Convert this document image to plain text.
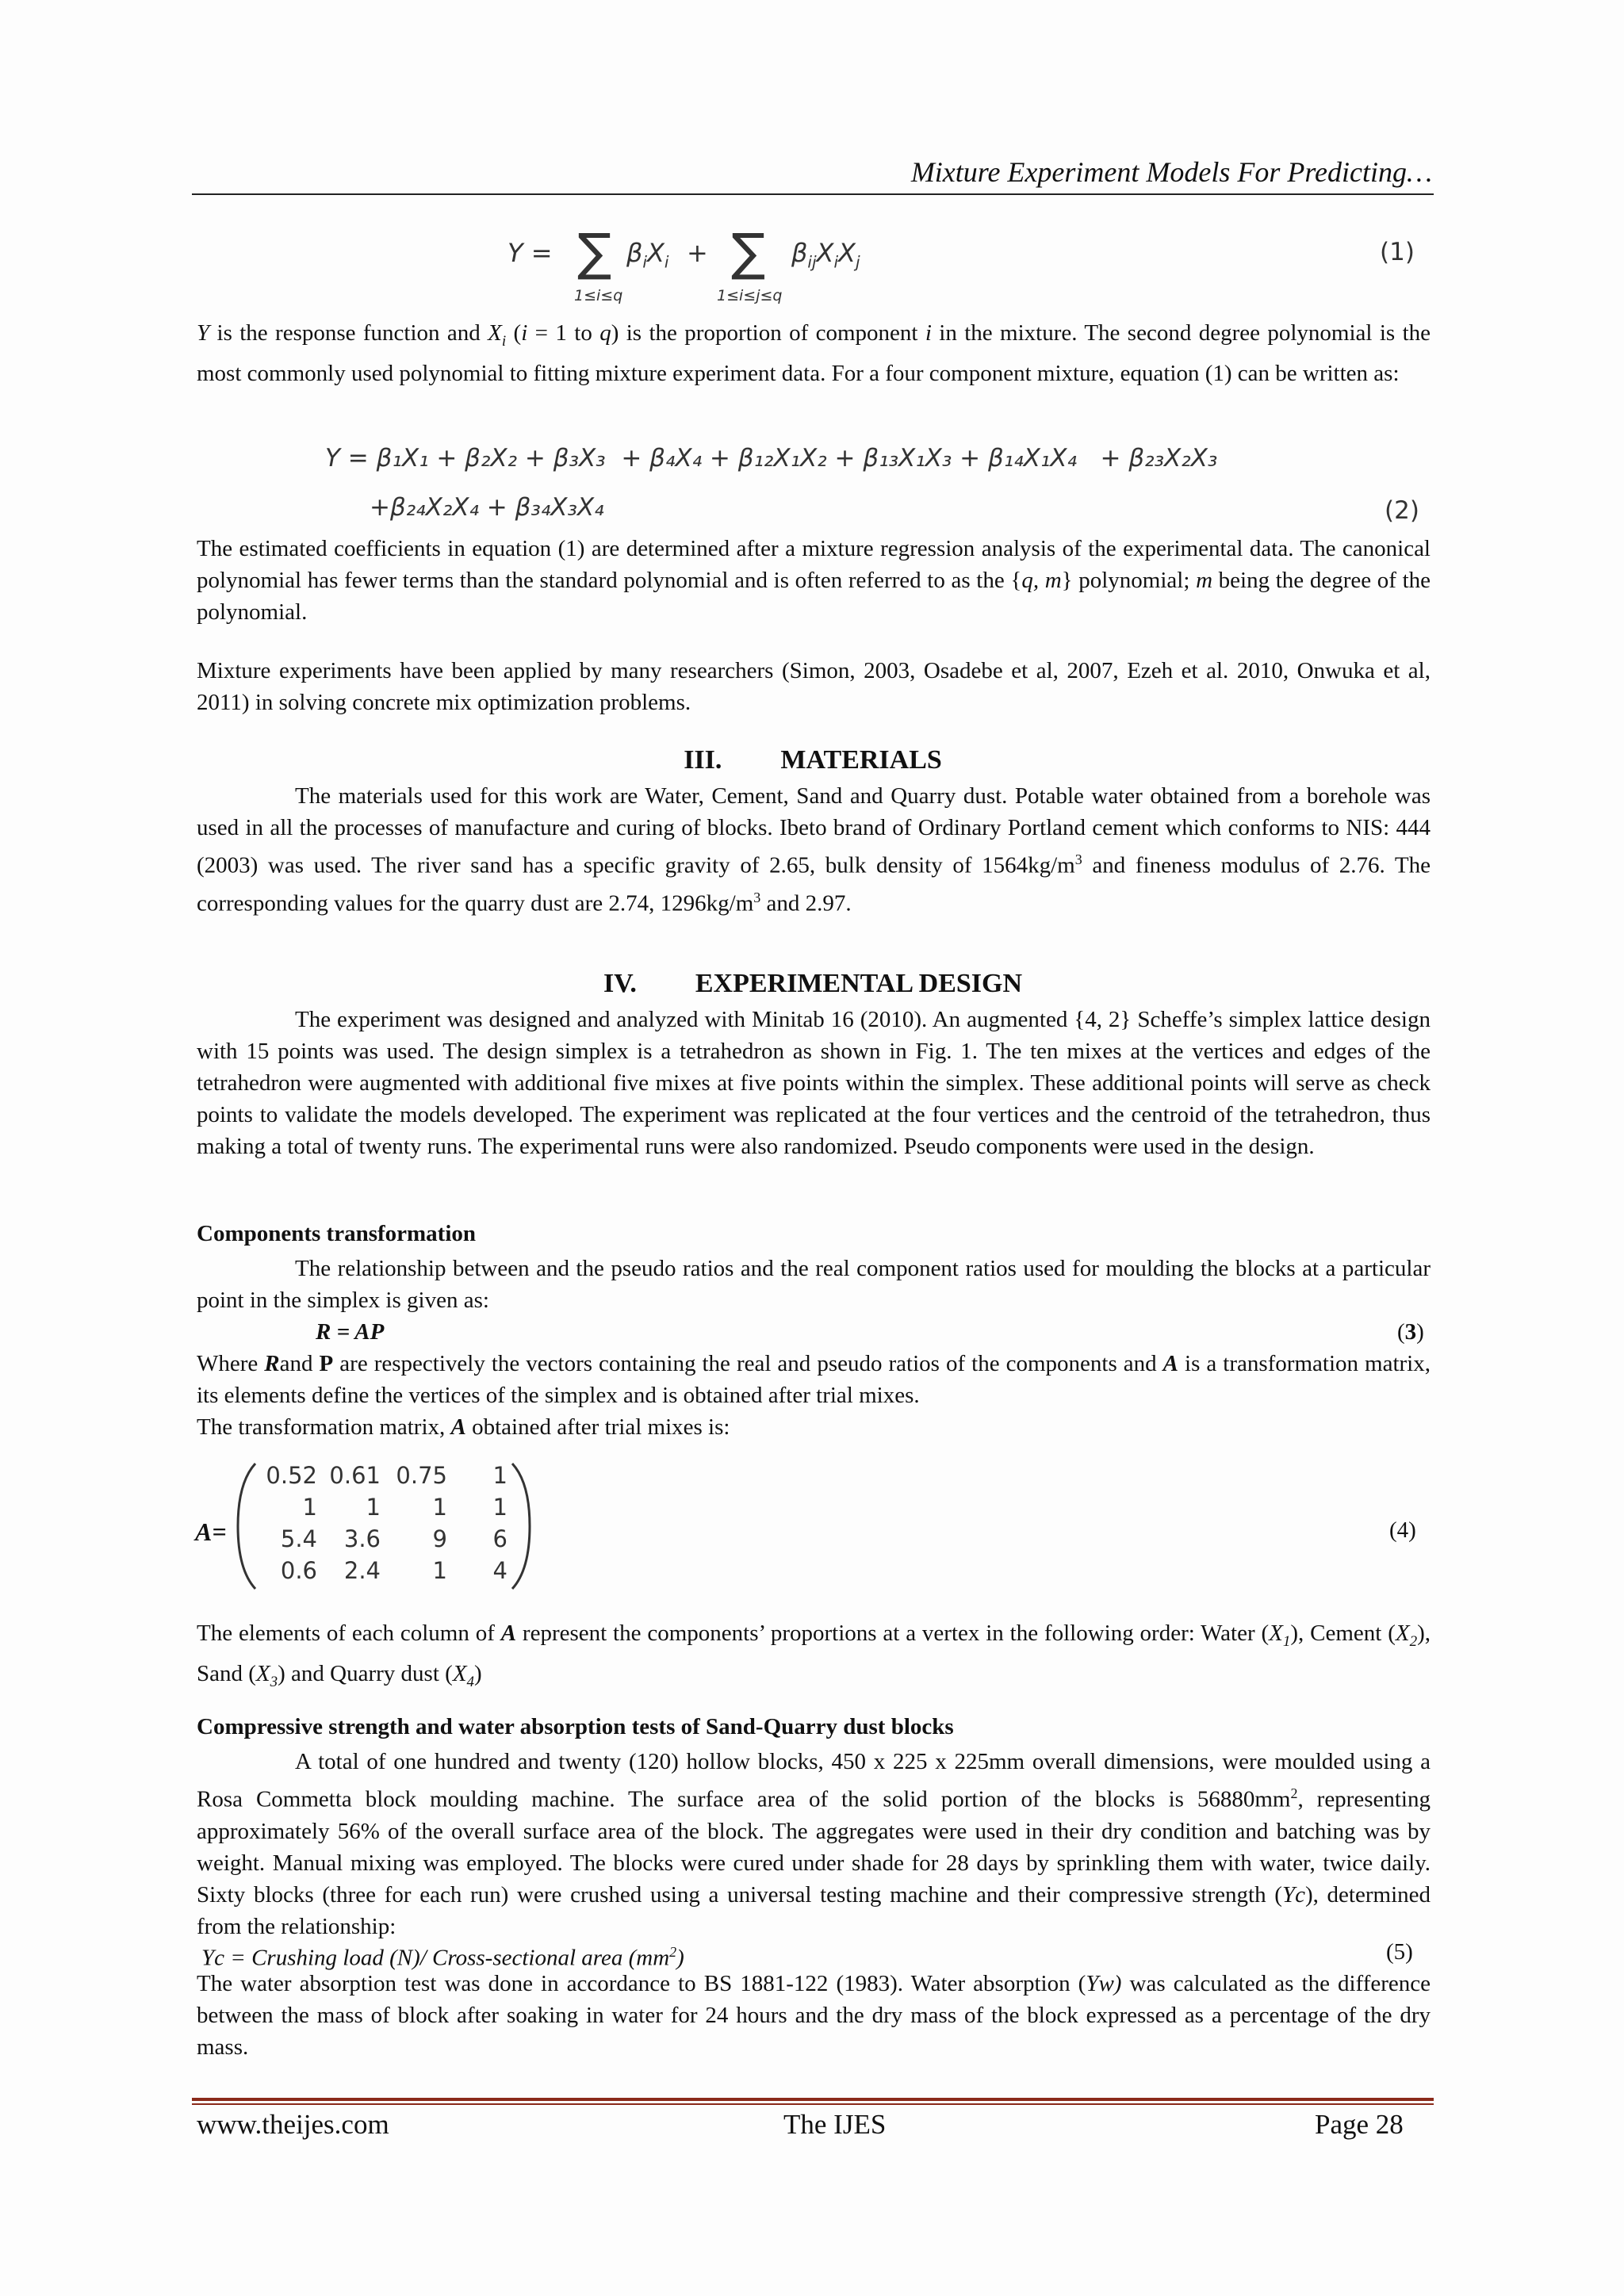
Mixture Experiment Models For Predicting…
Y = ∑
1≤i≤q
$\beta_iX_i$ + ∑
1≤i≤j≤q
$\beta_{ij}X_iX_j$	(1)
Y is the response function and $X_i$ (i = 1 to q) is the proportion of component i in the mixture. The second degree polynomial is the most commonly used polynomial to fitting mixture experiment data. For a four component mixture, equation (1) can be written as:
Y = β₁X₁ + β₂X₂ + β₃X₃  + β₄X₄ + β₁₂X₁X₂ + β₁₃X₁X₃ + β₁₄X₁X₄   + β₂₃X₂X₃
+β₂₄X₂X₄ + β₃₄X₃X₄	(2)
The estimated coefficients in equation (1) are determined after a mixture regression analysis of the experimental data. The canonical polynomial has fewer terms than the standard polynomial and is often referred to as the {q, m} polynomial; m being the degree of the polynomial.
Mixture experiments have been applied by many researchers (Simon, 2003, Osadebe et al, 2007, Ezeh et al. 2010, Onwuka et al, 2011) in solving concrete mix optimization problems.
III. MATERIALS
The materials used for this work are Water, Cement, Sand and Quarry dust. Potable water obtained from a borehole was used in all the processes of manufacture and curing of blocks. Ibeto brand of Ordinary Portland cement which conforms to NIS: 444 (2003) was used. The river sand has a specific gravity of 2.65, bulk density of $1564kg/m^3$ and fineness modulus of 2.76. The corresponding values for the quarry dust are 2.74, $1296kg/m^3$ and 2.97.
IV. EXPERIMENTAL DESIGN
The experiment was designed and analyzed with Minitab 16 (2010). An augmented {4, 2} Scheffe’s simplex lattice design with 15 points was used. The design simplex is a tetrahedron as shown in Fig. 1. The ten mixes at the vertices and edges of the tetrahedron were augmented with additional five mixes at five points within the simplex. These additional points will serve as check points to validate the models developed. The experiment was replicated at the four vertices and the centroid of the tetrahedron, thus making a total of twenty runs. The experimental runs were also randomized. Pseudo components were used in the design.
Components transformation
The relationship between and the pseudo ratios and the real component ratios used for moulding the blocks at a particular point in the simplex is given as:
R = AP	(3)
Where Rand P are respectively the vectors containing the real and pseudo ratios of the components and A is a transformation matrix, its elements define the vertices of the simplex and is obtained after trial mixes.
The transformation matrix, A obtained after trial mixes is:
A=
0.52 0.61 0.75	1
1	1	1	1
5.4	3.6	9	6
0.6	2.4	1	4
(4)
The elements of each column of A represent the components’ proportions at a vertex in the following order: Water $(X_1)$, Cement $(X_2)$, Sand $(X_3)$ and Quarry dust $(X_4)$
Compressive strength and water absorption tests of Sand-Quarry dust blocks
A total of one hundred and twenty (120) hollow blocks, 450 x 225 x 225mm overall dimensions, were moulded using a Rosa Commetta block moulding machine. The surface area of the solid portion of the blocks is $56880mm^2$, representing approximately 56% of the overall surface area of the block. The aggregates were used in their dry condition and batching was by weight. Manual mixing was employed. The blocks were cured under shade for 28 days by sprinkling them with water, twice daily. Sixty blocks (three for each run) were crushed using a universal testing machine and their compressive strength (Yc), determined from the relationship:
Yc = Crushing load (N)/ Cross-sectional area $(mm^2)$	(5)
The water absorption test was done in accordance to BS 1881-122 (1983). Water absorption (Yw) was calculated as the difference between the mass of block after soaking in water for 24 hours and the dry mass of the block expressed as a percentage of the dry mass.
www.theijes.com	The IJES	Page 28
